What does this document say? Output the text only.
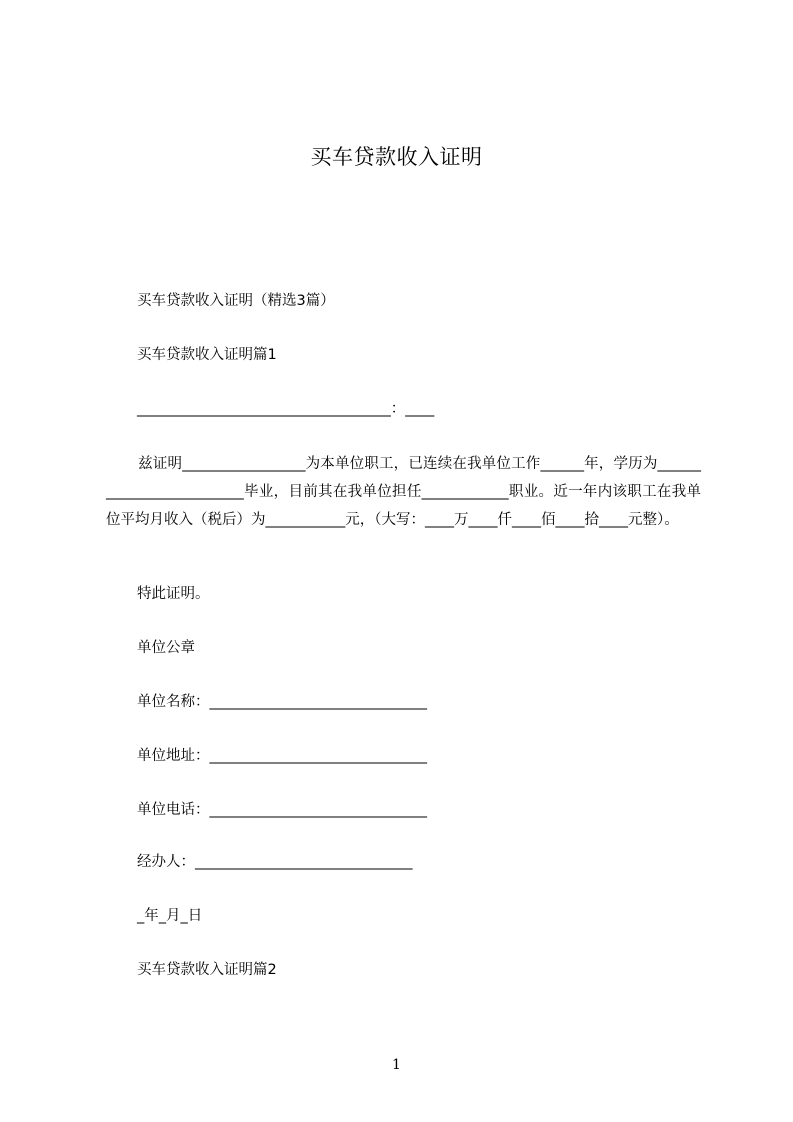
买车贷款收入证明
买车贷款收入证明（精选3篇）
买车贷款收入证明篇1
___________________________________：____
兹证明_________________为本单位职工，已连续在我单位工作______年，学历为_________________________毕业，目前其在我单位担任____________职业。近一年内该职工在我单位平均月收入（税后）为___________元，（大写：____万____仟____佰____拾____元整）。
特此证明。
单位公章
单位名称：______________________________
单位地址：______________________________
单位电话：______________________________
经办人：______________________________
_年_月_日
买车贷款收入证明篇2
1
